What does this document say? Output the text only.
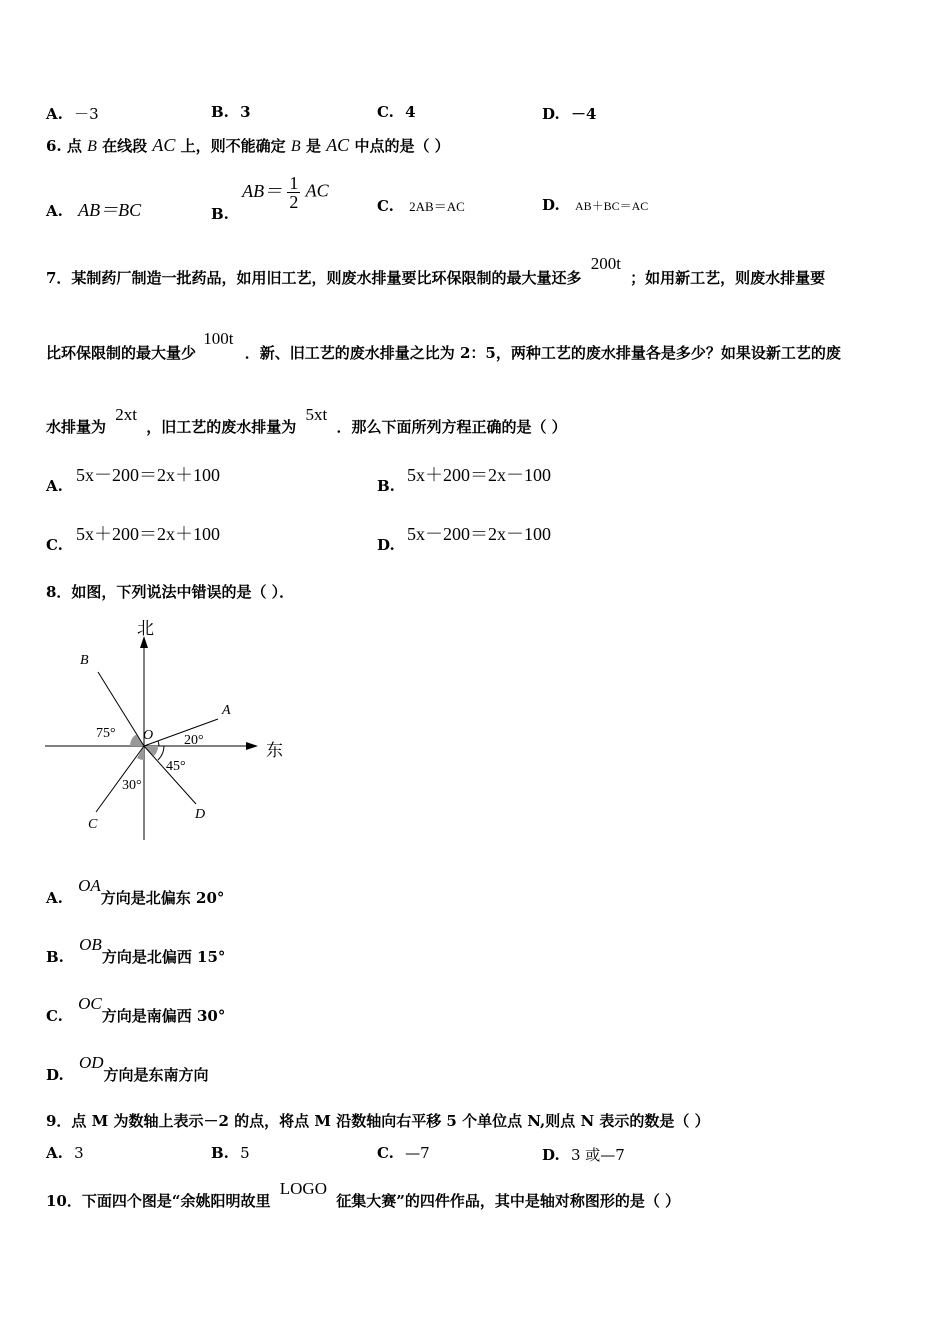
A. －3	B. 3	C. 4	D. －4
6. 点 B 在线段 AC 上，则不能确定 B 是 AC 中点的是（ ）
A. AB＝BC	B. $AB= \frac{1}{2}$ AC
C. 2AB＝AC	D. AB＋BC＝AC
7．某制药厂制造一批药品，如用旧工艺，则废水排量要比环保限制的最大量还多 200t ；如用新工艺，则废水排量要
比环保限制的最大量少 100t ．新、旧工艺的废水排量之比为 2：5，两种工艺的废水排量各是多少？如果设新工艺的废
水排量为 2xt ，旧工艺的废水排量为 5xt ．那么下面所列方程正确的是（ ）
A.
5x－200＝2x＋100
B.
5x＋200＝2x－100
C.
5x＋200＝2x＋100
D.
5x－200＝2x－100
8．如图，下列说法中错误的是（ ）．
北
东
O
A
B
C
D
20°
75°
30°
45°
A. OA方向是北偏东 20°
B. OB方向是北偏西 15°
C. OC方向是南偏西 30°
D. OD方向是东南方向
9．点 M 为数轴上表示－2 的点，将点 M 沿数轴向右平移 5 个单位点 N,则点 N 表示的数是（ ）
A. 3	B. 5	C. —7	D. 3 或—7
10．下面四个图是“余姚阳明故里 LOGO 征集大赛”的四件作品，其中是轴对称图形的是（ ）
